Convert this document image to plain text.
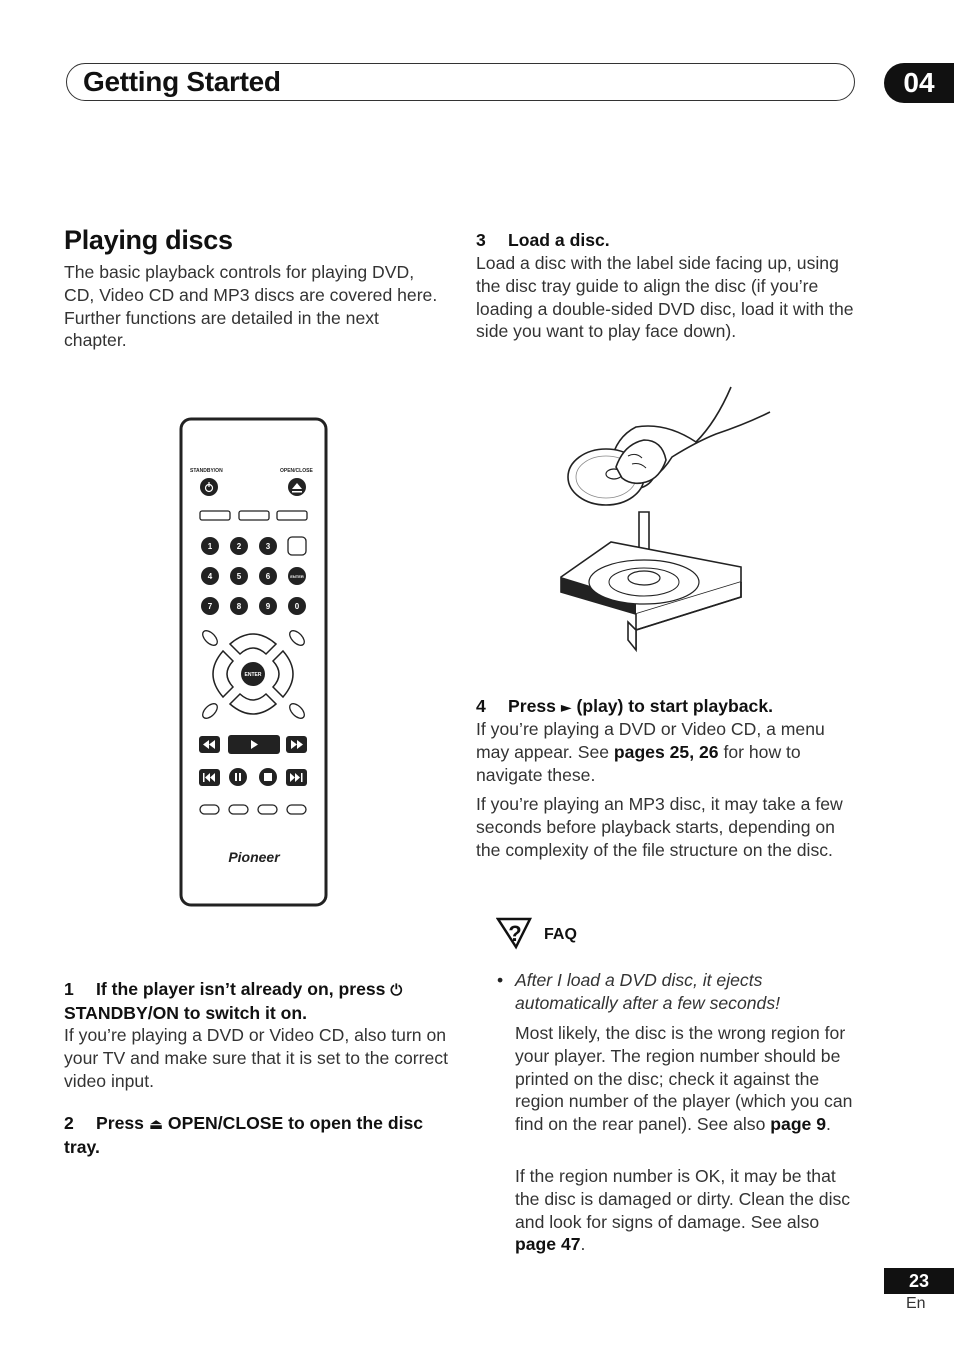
Getting Started	04
Playing discs

The basic playback controls for playing DVD, CD, Video CD and MP3 discs are covered here. Further functions are detailed in the next chapter.

STANDBY/ON	OPEN/CLOSE
1	2	3
4	5	6	ENTER
7	8	9	0
ENTER
Pioneer

1 If the player isn’t already on, press ⏻ STANDBY/ON to switch it on.

If you’re playing a DVD or Video CD, also turn on your TV and make sure that it is set to the correct video input.

2 Press ⏏ OPEN/CLOSE to open the disc tray.

3 Load a disc.

Load a disc with the label side facing up, using the disc tray guide to align the disc (if you’re loading a double-sided DVD disc, load it with the side you want to play face down).

4 Press ► (play) to start playback.

If you’re playing a DVD or Video CD, a menu may appear. See pages 25, 26 for how to navigate these.

If you’re playing an MP3 disc, it may take a few seconds before playback starts, depending on the complexity of the file structure on the disc.

? FAQ
• After I load a DVD disc, it ejects automatically after a few seconds!

Most likely, the disc is the wrong region for your player. The region number should be printed on the disc; check it against the region number of the player (which you can find on the rear panel). See also page 9.

If the region number is OK, it may be that the disc is damaged or dirty. Clean the disc and look for signs of damage. See also page 47.

23
En
